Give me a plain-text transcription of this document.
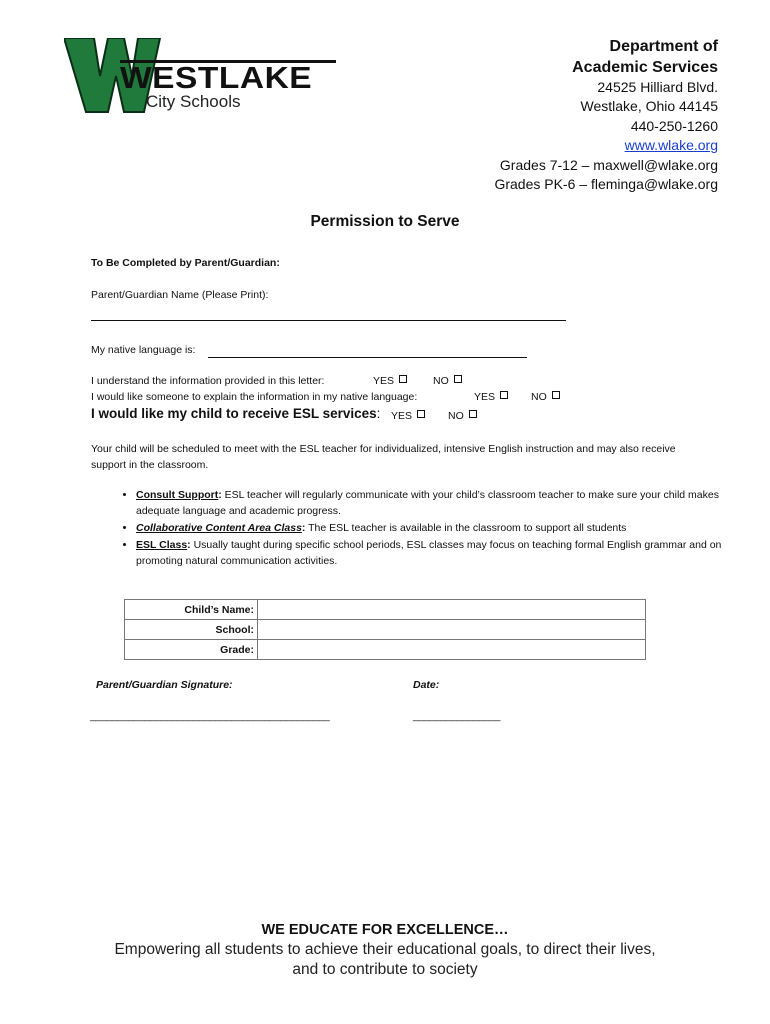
WESTLAKE
City Schools
Department of
Academic Services
24525 Hilliard Blvd.
Westlake, Ohio 44145
440-250-1260
www.wlake.org
Grades 7-12 – maxwell@wlake.org
Grades PK-6 – fleminga@wlake.org
Permission to Serve
To Be Completed by Parent/Guardian:
Parent/Guardian Name (Please Print):
My native language is:
I understand the information provided in this letter:	YES	NO
I would like someone to explain the information in my native language:	YES	NO
I would like my child to receive ESL services: YES	NO
Your child will be scheduled to meet with the ESL teacher for individualized, intensive English instruction and may also receive support in the classroom.
• Consult Support: ESL teacher will regularly communicate with your child’s classroom teacher to make sure your child makes adequate language and academic progress.
• Collaborative Content Area Class: The ESL teacher is available in the classroom to support all students
• ESL Class: Usually taught during specific school periods, ESL classes may focus on teaching formal English grammar and on promoting natural communication activities.
Child’s Name:	
School:	
Grade:	
Parent/Guardian Signature:	Date:
____________________________________________	________________
WE EDUCATE FOR EXCELLENCE…
Empowering all students to achieve their educational goals, to direct their lives,
and to contribute to society
